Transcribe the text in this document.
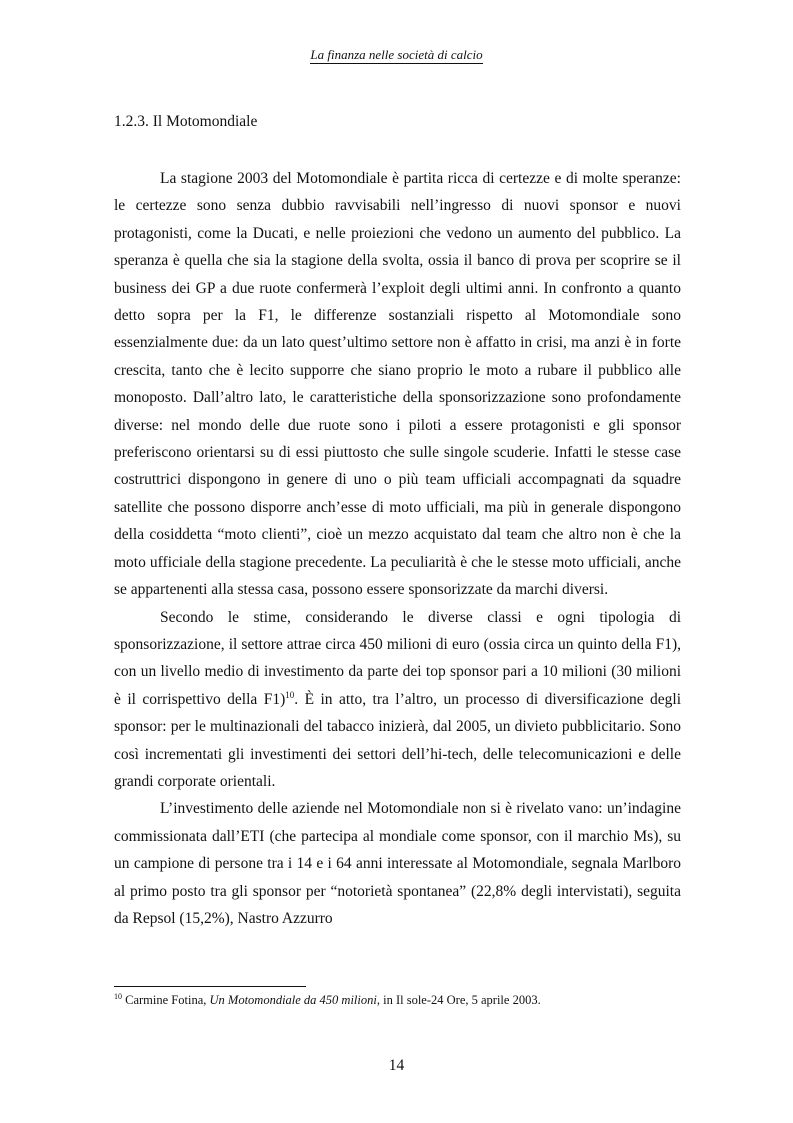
La finanza nelle società di calcio
1.2.3. Il Motomondiale

La stagione 2003 del Motomondiale è partita ricca di certezze e di molte speranze: le certezze sono senza dubbio ravvisabili nell’ingresso di nuovi sponsor e nuovi protagonisti, come la Ducati, e nelle proiezioni che vedono un aumento del pubblico. La speranza è quella che sia la stagione della svolta, ossia il banco di prova per scoprire se il business dei GP a due ruote confermerà l’exploit degli ultimi anni. In confronto a quanto detto sopra per la F1, le differenze sostanziali rispetto al Motomondiale sono essenzialmente due: da un lato quest’ultimo settore non è affatto in crisi, ma anzi è in forte crescita, tanto che è lecito supporre che siano proprio le moto a rubare il pubblico alle monoposto. Dall’altro lato, le caratteristiche della sponsorizzazione sono profondamente diverse: nel mondo delle due ruote sono i piloti a essere protagonisti e gli sponsor preferiscono orientarsi su di essi piuttosto che sulle singole scuderie. Infatti le stesse case costruttrici dispongono in genere di uno o più team ufficiali accompagnati da squadre satellite che possono disporre anch’esse di moto ufficiali, ma più in generale dispongono della cosiddetta “moto clienti”, cioè un mezzo acquistato dal team che altro non è che la moto ufficiale della stagione precedente. La peculiarità è che le stesse moto ufficiali, anche se appartenenti alla stessa casa, possono essere sponsorizzate da marchi diversi.

Secondo le stime, considerando le diverse classi e ogni tipologia di sponsorizzazione, il settore attrae circa 450 milioni di euro (ossia circa un quinto della F1), con un livello medio di investimento da parte dei top sponsor pari a 10 milioni (30 milioni è il corrispettivo della F1)$^{10}$. È in atto, tra l’altro, un processo di diversificazione degli sponsor: per le multinazionali del tabacco inizierà, dal 2005, un divieto pubblicitario. Sono così incrementati gli investimenti dei settori dell’hi-tech, delle telecomunicazioni e delle grandi corporate orientali.

L’investimento delle aziende nel Motomondiale non si è rivelato vano: un’indagine commissionata dall’ETI (che partecipa al mondiale come sponsor, con il marchio Ms), su un campione di persone tra i 14 e i 64 anni interessate al Motomondiale, segnala Marlboro al primo posto tra gli sponsor per “notorietà spontanea” (22,8% degli intervistati), seguita da Repsol (15,2%), Nastro Azzurro

$^{10}$ Carmine Fotina, Un Motomondiale da 450 milioni, in Il sole-24 Ore, 5 aprile 2003.
14
